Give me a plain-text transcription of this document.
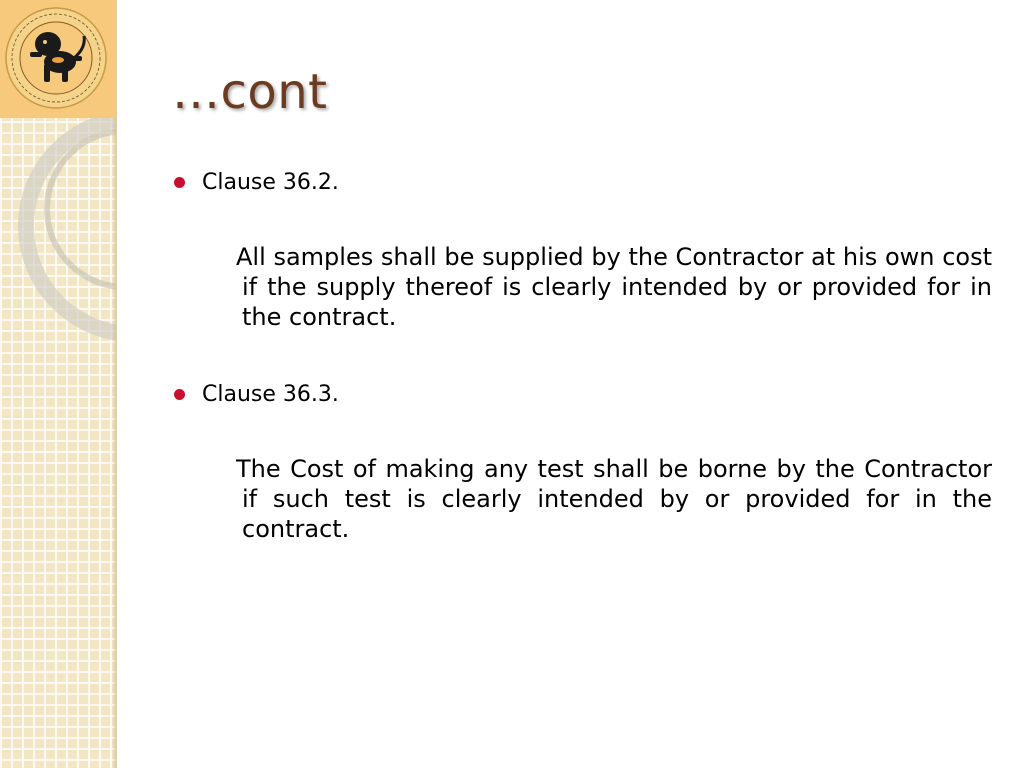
…cont
Clause 36.2.
All samples shall be supplied by the Contractor at his own cost if the supply thereof is clearly intended by or provided for in the contract.
Clause 36.3.
The Cost of making any test shall be borne by the Contractor if such test is clearly intended by or provided for in the contract.
